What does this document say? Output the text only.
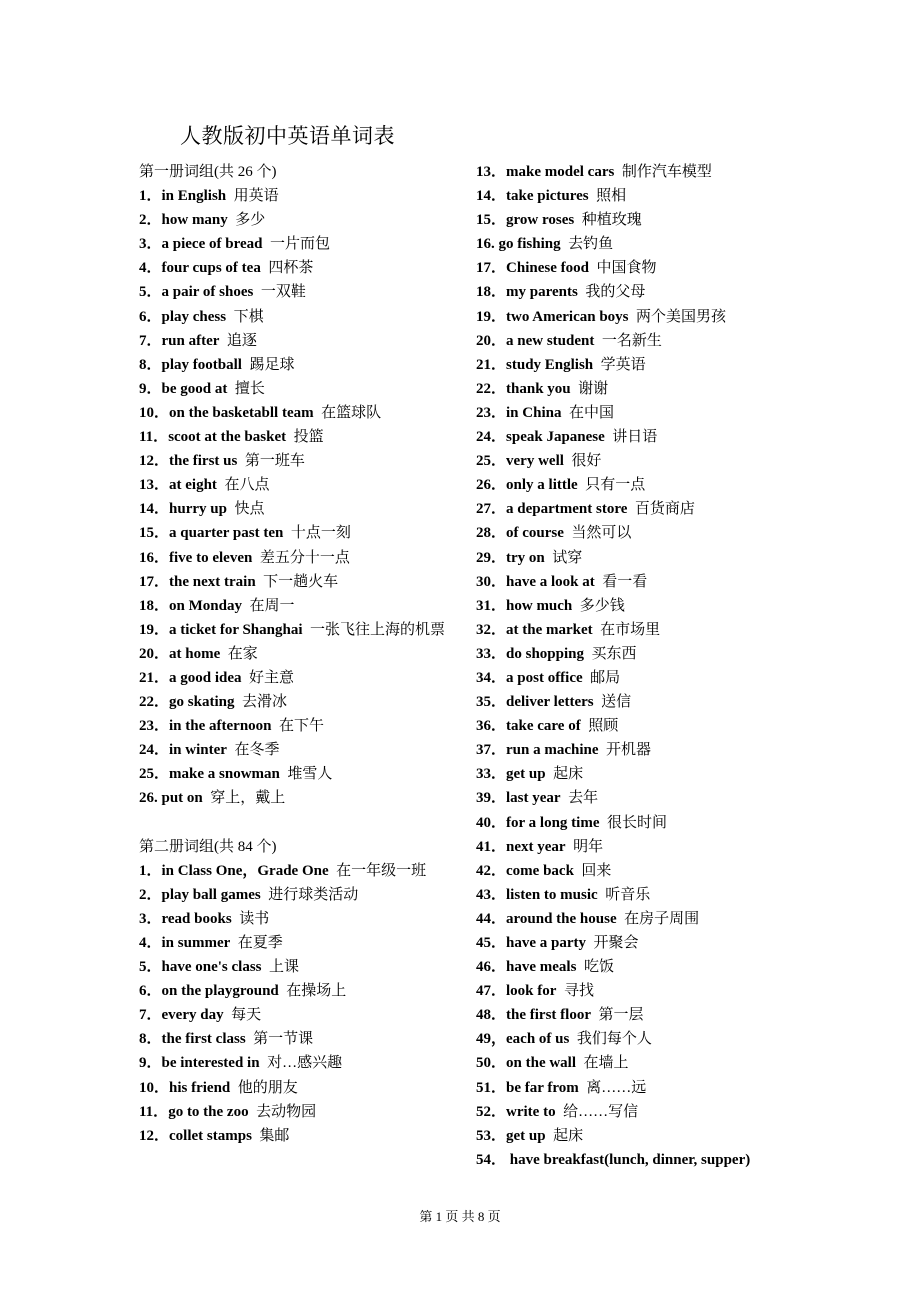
人教版初中英语单词表
第一册词组(共 26 个)
1．in English 用英语
2．how many 多少
3．a piece of bread 一片而包
4．four cups of tea 四杯茶
5．a pair of shoes 一双鞋
6．play chess 下棋
7．run after 追逐
8．play football 踢足球
9．be good at 擅长
10．on the basketabll team 在篮球队
11．scoot at the basket 投篮
12．the first us 第一班车
13．at eight 在八点
14．hurry up 快点
15．a quarter past ten 十点一刻
16．five to eleven 差五分十一点
17．the next train 下一趟火车
18．on Monday 在周一
19．a ticket for Shanghai 一张飞往上海的机票
20．at home 在家
21．a good idea 好主意
22．go skating 去滑冰
23．in the afternoon 在下午
24．in winter 在冬季
25．make a snowman 堆雪人
26. put on 穿上，戴上
第二册词组(共 84 个)
1．in Class One，Grade One 在一年级一班
2．play ball games 进行球类活动
3．read books 读书
4．in summer 在夏季
5．have one's class 上课
6．on the playground 在操场上
7．every day 每天
8．the first class 第一节课
9．be interested in 对…感兴趣
10．his friend 他的朋友
11．go to the zoo 去动物园
12．collet stamps 集邮
13．make model cars 制作汽车模型
14．take pictures 照相
15．grow roses 种植玫瑰
16. go fishing 去钓鱼
17．Chinese food 中国食物
18．my parents 我的父母
19．two American boys 两个美国男孩
20．a new student 一名新生
21．study English 学英语
22．thank you 谢谢
23．in China 在中国
24．speak Japanese 讲日语
25．very well 很好
26．only a little 只有一点
27．a department store 百货商店
28．of course 当然可以
29．try on 试穿
30．have a look at 看一看
31．how much 多少钱
32．at the market 在市场里
33．do shopping 买东西
34．a post office 邮局
35．deliver letters 送信
36．take care of 照顾
37．run a machine 开机器
33．get up 起床
39．last year 去年
40．for a long time 很长时间
41．next year 明年
42．come back 回来
43．listen to music 听音乐
44．around the house 在房子周围
45．have a party 开聚会
46．have meals 吃饭
47．look for 寻找
48．the first floor 第一层
49，each of us 我们每个人
50．on the wall 在墙上
51．be far from 离……远
52．write to 给……写信
53．get up 起床
54． have breakfast(lunch, dinner, supper)
第 1 页 共 8 页
